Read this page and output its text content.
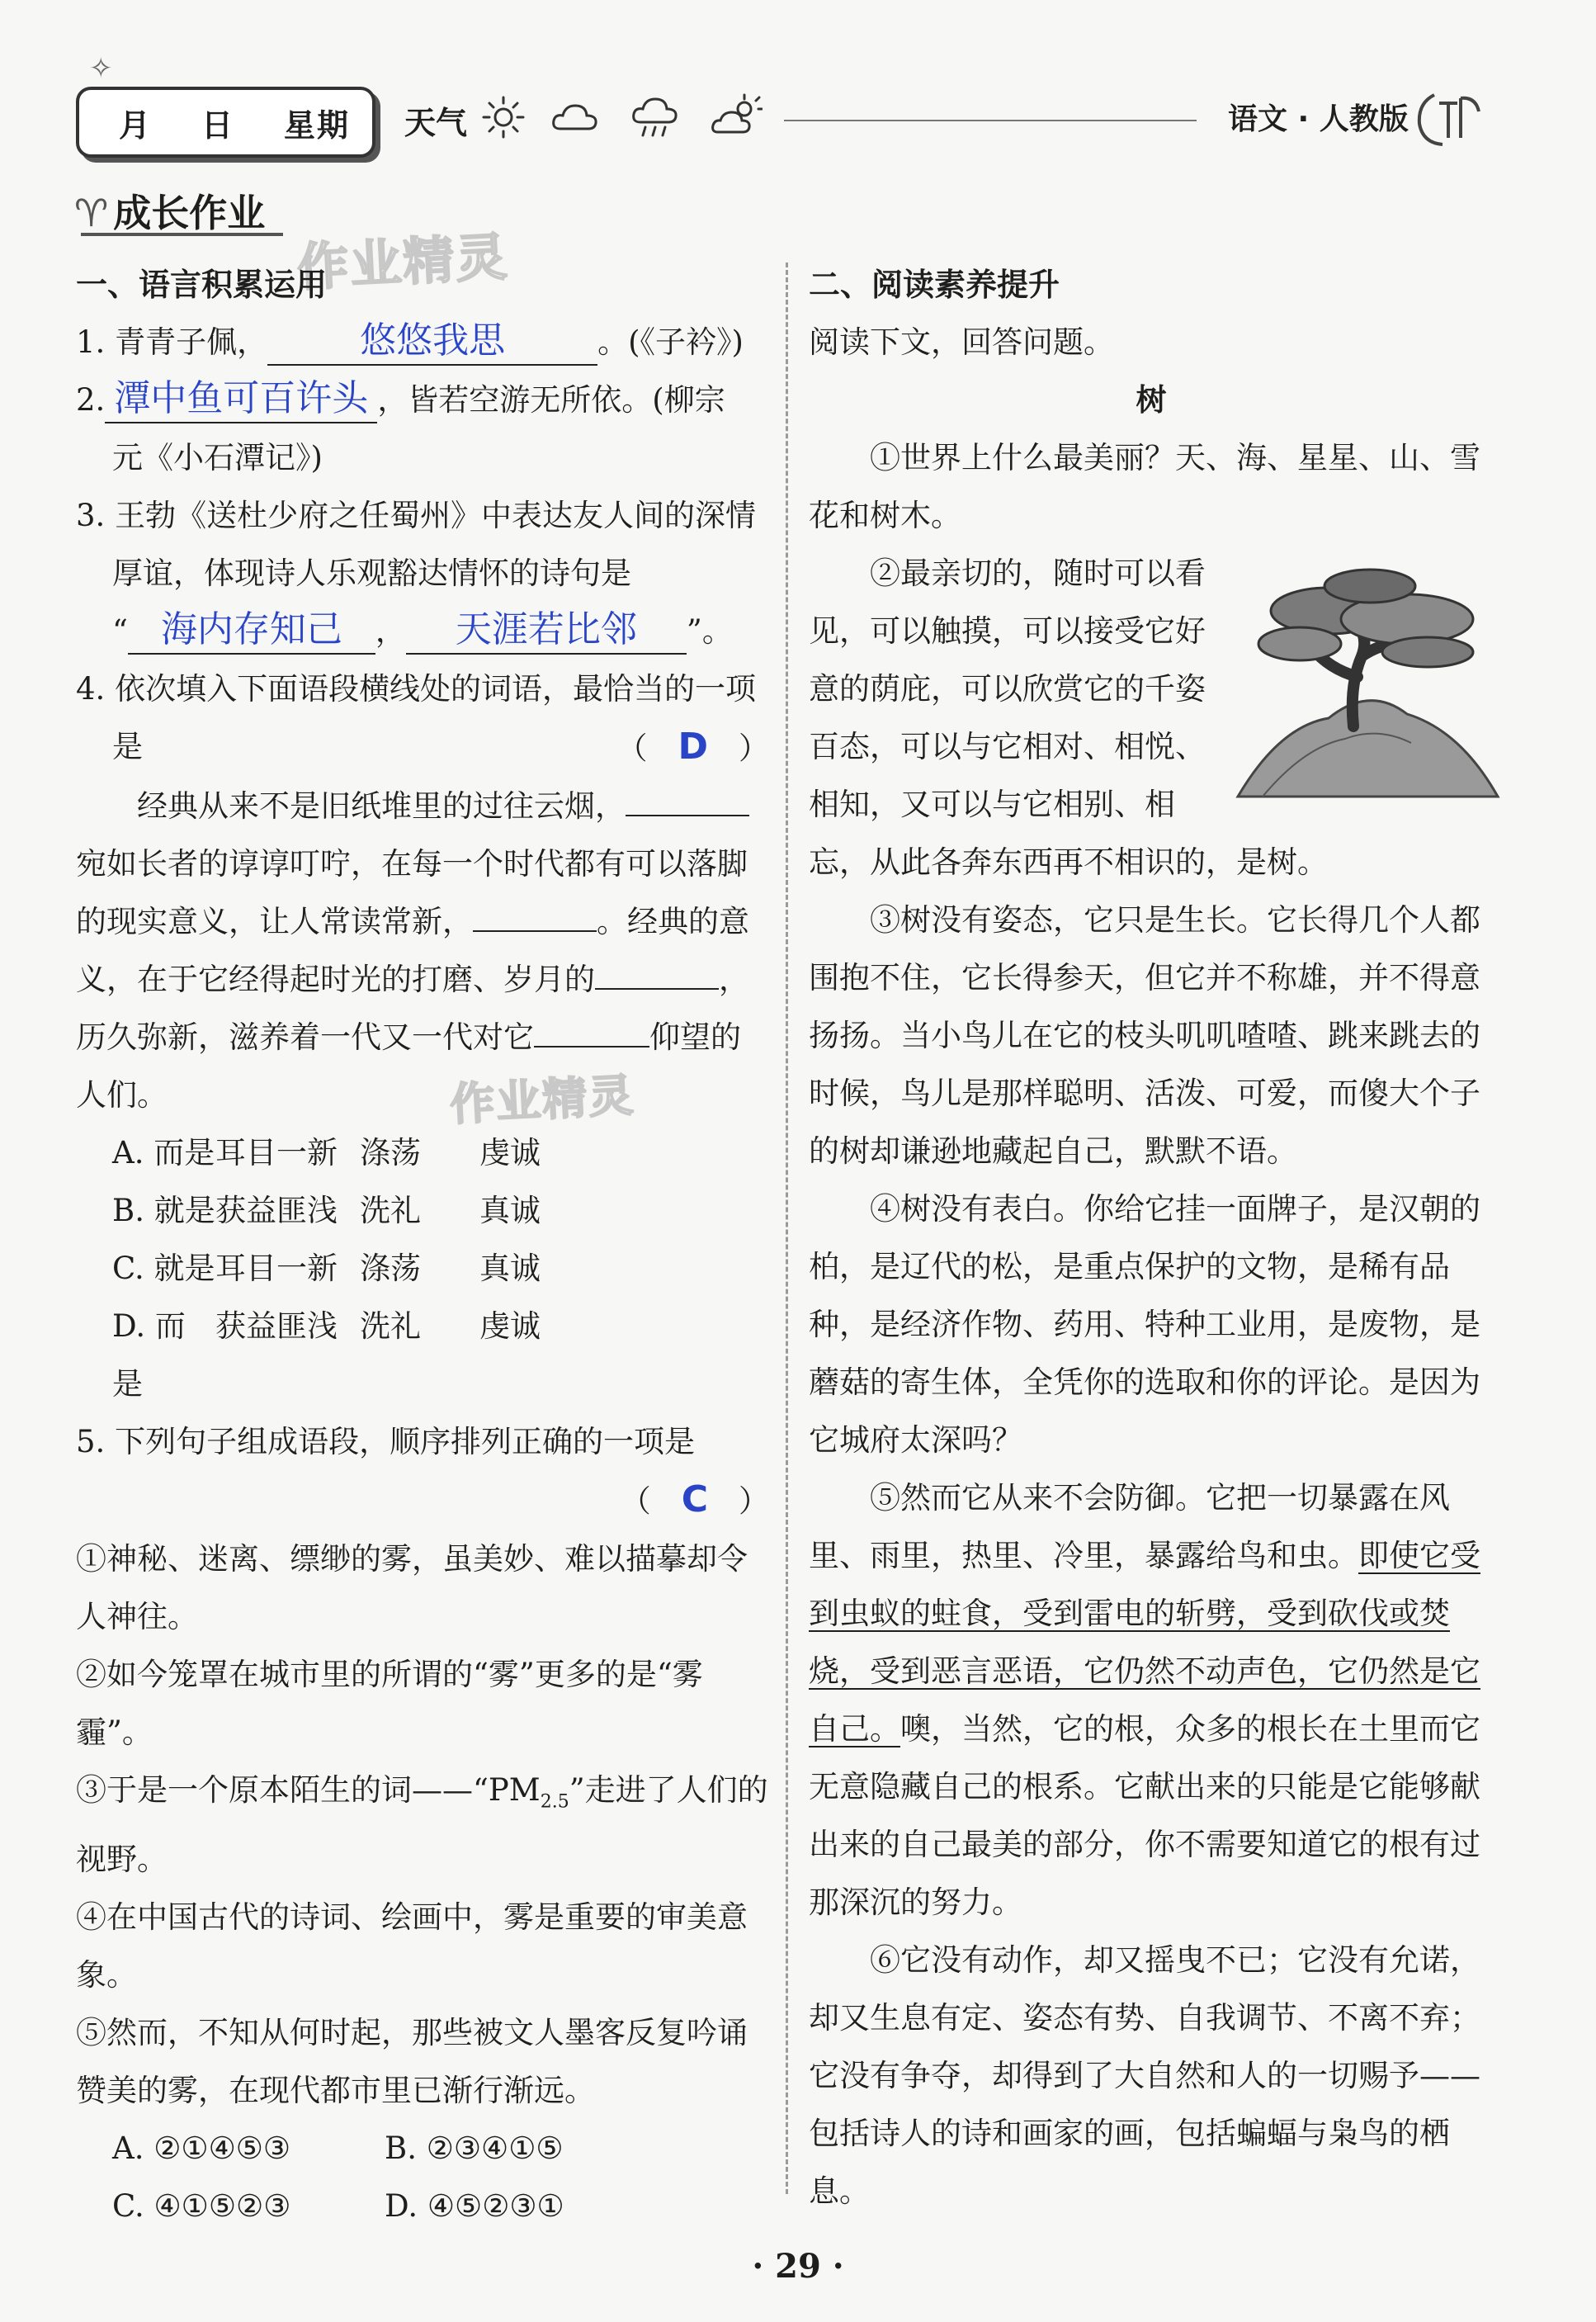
✧
月 日 星期 天气	语文 · 人教版
♈ 成长作业
作业精灵
作业精灵

一、语言积累运用

1. 青青子佩，	悠悠我思	。(《子衿》)

2. 潭中鱼可百许头 ，皆若空游无所依。(柳宗
元《小石潭记》)

3. 王勃《送杜少府之任蜀州》中表达友人间的深情厚谊，体现诗人乐观豁达情怀的诗句是
“ 海内存知己 ， 天涯若比邻 ”。

4. 依次填入下面语段横线处的词语，最恰当的一项是	（　D　）

经典从来不是旧纸堆里的过往云烟，宛如长者的谆谆叮咛，在每一个时代都有可以落脚的现实意义，让人常读常新，	。经典的意义，在于它经得起时光的打磨、岁月的	，历久弥新，滋养着一代又一代对它	仰望的人们。

A. 而是 耳目一新 涤荡	虔诚
B. 就是 获益匪浅 洗礼	真诚
C. 就是 耳目一新 涤荡	真诚
D. 而是
获益匪浅 洗礼	虔诚

5. 下列句子组成语段，顺序排列正确的一项是

（　C　）

①神秘、迷离、缥缈的雾，虽美妙、难以描摹却令人神往。

②如今笼罩在城市里的所谓的“雾”更多的是“雾霾”。

③于是一个原本陌生的词$——“PM_{2.5}$”走进了人们的视野。

④在中国古代的诗词、绘画中，雾是重要的审美意象。

⑤然而，不知从何时起，那些被文人墨客反复吟诵赞美的雾，在现代都市里已渐行渐远。

A. ②①④⑤③	B. ②③④①⑤
C. ④①⑤②③	D. ④⑤②③①

二、阅读素养提升

阅读下文，回答问题。

树

①世界上什么最美丽？天、海、星星、山、雪花和树木。

②最亲切的，随时可以看见，可以触摸，可以接受它好意的荫庇，可以欣赏它的千姿百态，可以与它相对、相悦、相知，又可以与它相别、相忘，从此各奔东西再不相识的，是树。

③树没有姿态，它只是生长。它长得几个人都围抱不住，它长得参天，但它并不称雄，并不得意扬扬。当小鸟儿在它的枝头叽叽喳喳、跳来跳去的时候，鸟儿是那样聪明、活泼、可爱，而傻大个子的树却谦逊地藏起自己，默默不语。

④树没有表白。你给它挂一面牌子，是汉朝的柏，是辽代的松，是重点保护的文物，是稀有品种，是经济作物、药用、特种工业用，是废物，是蘑菇的寄生体，全凭你的选取和你的评论。是因为它城府太深吗？

⑤然而它从来不会防御。它把一切暴露在风里、雨里，热里、冷里，暴露给鸟和虫。即使它受到虫蚁的蛀食，受到雷电的斩劈，受到砍伐或焚烧，受到恶言恶语，它仍然不动声色，它仍然是它自己。噢，当然，它的根，众多的根长在土里而它无意隐藏自己的根系。它献出来的只能是它能够献出来的自己最美的部分，你不需要知道它的根有过那深沉的努力。

⑥它没有动作，却又摇曳不已；它没有允诺，却又生息有定、姿态有势、自我调节、不离不弃；它没有争夺，却得到了大自然和人的一切赐予——包括诗人的诗和画家的画，包括蝙蝠与枭鸟的栖息。

· 29 ·
